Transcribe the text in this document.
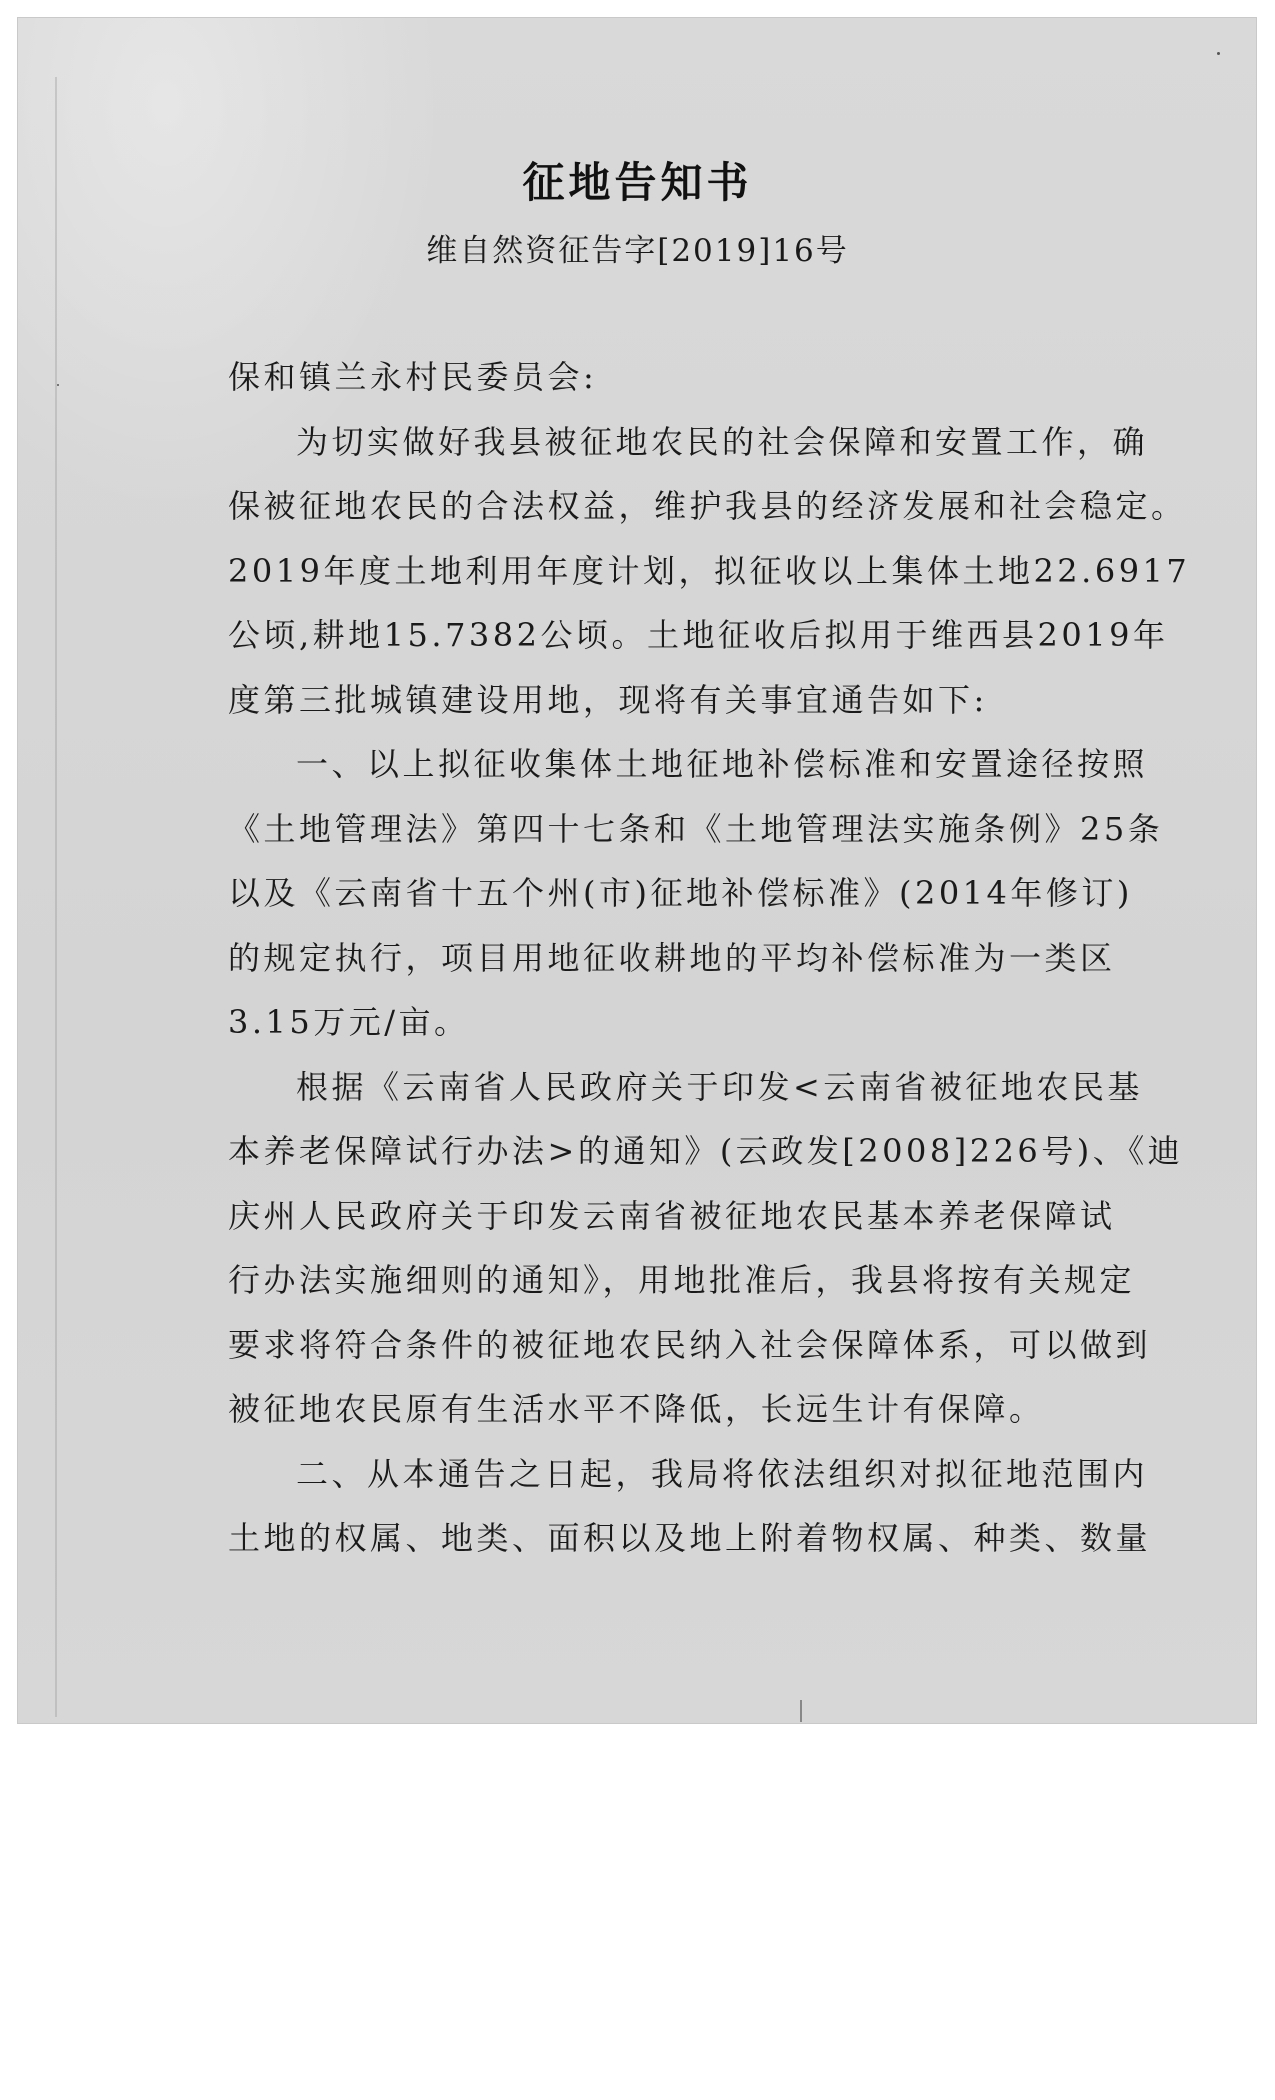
征地告知书
维自然资征告字[2019]16号
保和镇兰永村民委员会:
为切实做好我县被征地农民的社会保障和安置工作，确
保被征地农民的合法权益，维护我县的经济发展和社会稳定。
2019年度土地利用年度计划，拟征收以上集体土地22.6917
公顷,耕地15.7382公顷。土地征收后拟用于维西县2019年
度第三批城镇建设用地，现将有关事宜通告如下:
一、以上拟征收集体土地征地补偿标准和安置途径按照
《土地管理法》第四十七条和《土地管理法实施条例》25条
以及《云南省十五个州(市)征地补偿标准》(2014年修订)
的规定执行，项目用地征收耕地的平均补偿标准为一类区
3.15万元/亩。
根据《云南省人民政府关于印发<云南省被征地农民基
本养老保障试行办法>的通知》(云政发[2008]226号)、《迪
庆州人民政府关于印发云南省被征地农民基本养老保障试
行办法实施细则的通知》，用地批准后，我县将按有关规定
要求将符合条件的被征地农民纳入社会保障体系，可以做到
被征地农民原有生活水平不降低，长远生计有保障。
二、从本通告之日起，我局将依法组织对拟征地范围内
土地的权属、地类、面积以及地上附着物权属、种类、数量
